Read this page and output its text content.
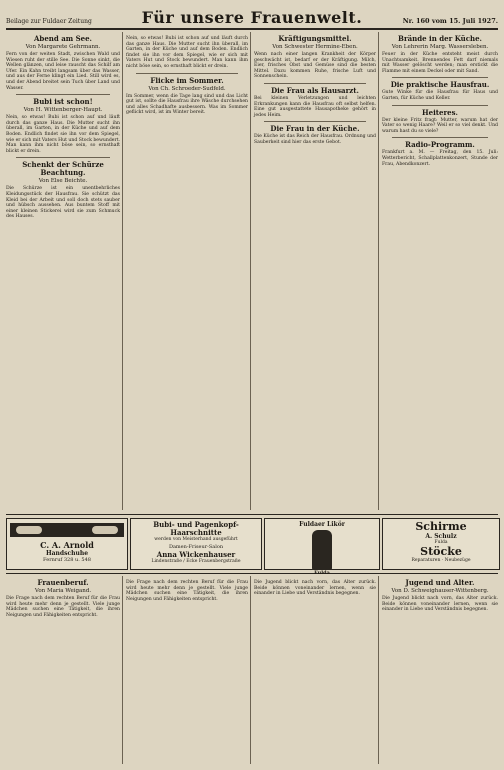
Beilage zur Fuldaer Zeitung	Für unsere Frauenwelt.	Nr. 160 vom 15. Juli 1927.
Abend am See.
Von Margarete Gehrmann.
Fern von der weiten Stadt, zwischen Wald und Wiesen ruht der stille See. Die Sonne sinkt, die Wellen glänzen, und leise rauscht das Schilf am Ufer. Ein Kahn treibt langsam über das Wasser, und aus der Ferne klingt ein Lied. Still wird es, und der Abend breitet sein Tuch über Land und Wasser.
Bubi ist schon!
Von H. Wittenberger-Haupt.
Nein, so etwas! Bubi ist schon auf und läuft durch das ganze Haus. Die Mutter sucht ihn überall, im Garten, in der Küche und auf dem Boden. Endlich findet sie ihn vor dem Spiegel, wie er sich mit Vaters Hut und Stock bewundert. Man kann ihm nicht böse sein, so ernsthaft blickt er drein.
Schenkt der Schürze Beachtung.
Von Else Beichte.
Die Schürze ist ein unentbehrliches Kleidungsstück der Hausfrau. Sie schützt das Kleid bei der Arbeit und soll doch stets sauber und hübsch aussehen. Aus buntem Stoff mit einer kleinen Stickerei wird sie zum Schmuck des Hauses.
Nein, so etwas! Bubi ist schon auf und läuft durch das ganze Haus. Die Mutter sucht ihn überall, im Garten, in der Küche und auf dem Boden. Endlich findet sie ihn vor dem Spiegel, wie er sich mit Vaters Hut und Stock bewundert. Man kann ihm nicht böse sein, so ernsthaft blickt er drein.
Flicke im Sommer.
Von Ch. Schroeder-Sudfeld.
Im Sommer, wenn die Tage lang sind und das Licht gut ist, sollte die Hausfrau ihre Wäsche durchsehen und alles Schadhafte ausbessern. Was im Sommer geflickt wird, ist im Winter bereit.
Kräftigungsmittel.
Von Schwester Hermine-Eben.
Wenn nach einer langen Krankheit der Körper geschwächt ist, bedarf er der Kräftigung. Milch, Eier, frisches Obst und Gemüse sind die besten Mittel. Dazu kommen Ruhe, frische Luft und Sonnenschein.
Die Frau als Hausarzt.
Bei kleinen Verletzungen und leichten Erkrankungen kann die Hausfrau oft selbst helfen. Eine gut ausgestattete Hausapotheke gehört in jedes Heim.
Die Frau in der Küche.
Die Küche ist das Reich der Hausfrau. Ordnung und Sauberkeit sind hier das erste Gebot.
Brände in der Küche.
Von Lehrerin Marg. Wassersleben.
Feuer in der Küche entsteht meist durch Unachtsamkeit. Brennendes Fett darf niemals mit Wasser gelöscht werden; man erstickt die Flamme mit einem Deckel oder mit Sand.
Die praktische Hausfrau.
Gute Winke für die Hausfrau für Haus und Garten, für Küche und Keller.
Heiteres.
Der kleine Fritz fragt: Mutter, warum hat der Vater so wenig Haare? Weil er so viel denkt. Und warum hast du so viele?
Radio-Programm.
Frankfurt a. M. — Freitag, den 15. Juli: Wetterbericht, Schallplattenkonzert, Stunde der Frau, Abendkonzert.
C. A. Arnold
Handschuhe
Fernruf 328 u. 548
Bubi- und Pagenkopf-Haarschnitte
werden von Meisterhand ausgeführt
Damen-Friseur-Salon
Anna Wickenhauser
Lindenstraße / Ecke Frauenbergstraße
Fuldaer Likör
Fulda
Schirme
A. Schulz
Fulda
Stöcke
Reparaturen · Neubezüge
Frauenberuf.
Von Maria Weigand.
Die Frage nach dem rechten Beruf für die Frau wird heute mehr denn je gestellt. Viele junge Mädchen suchen eine Tätigkeit, die ihren Neigungen und Fähigkeiten entspricht.
Die Frage nach dem rechten Beruf für die Frau wird heute mehr denn je gestellt. Viele junge Mädchen suchen eine Tätigkeit, die ihren Neigungen und Fähigkeiten entspricht.
Die Jugend blickt nach vorn, das Alter zurück. Beide können voneinander lernen, wenn sie einander in Liebe und Verständnis begegnen.
Jugend und Alter.
Von D. Schweighauser-Wittenberg.
Die Jugend blickt nach vorn, das Alter zurück. Beide können voneinander lernen, wenn sie einander in Liebe und Verständnis begegnen.
